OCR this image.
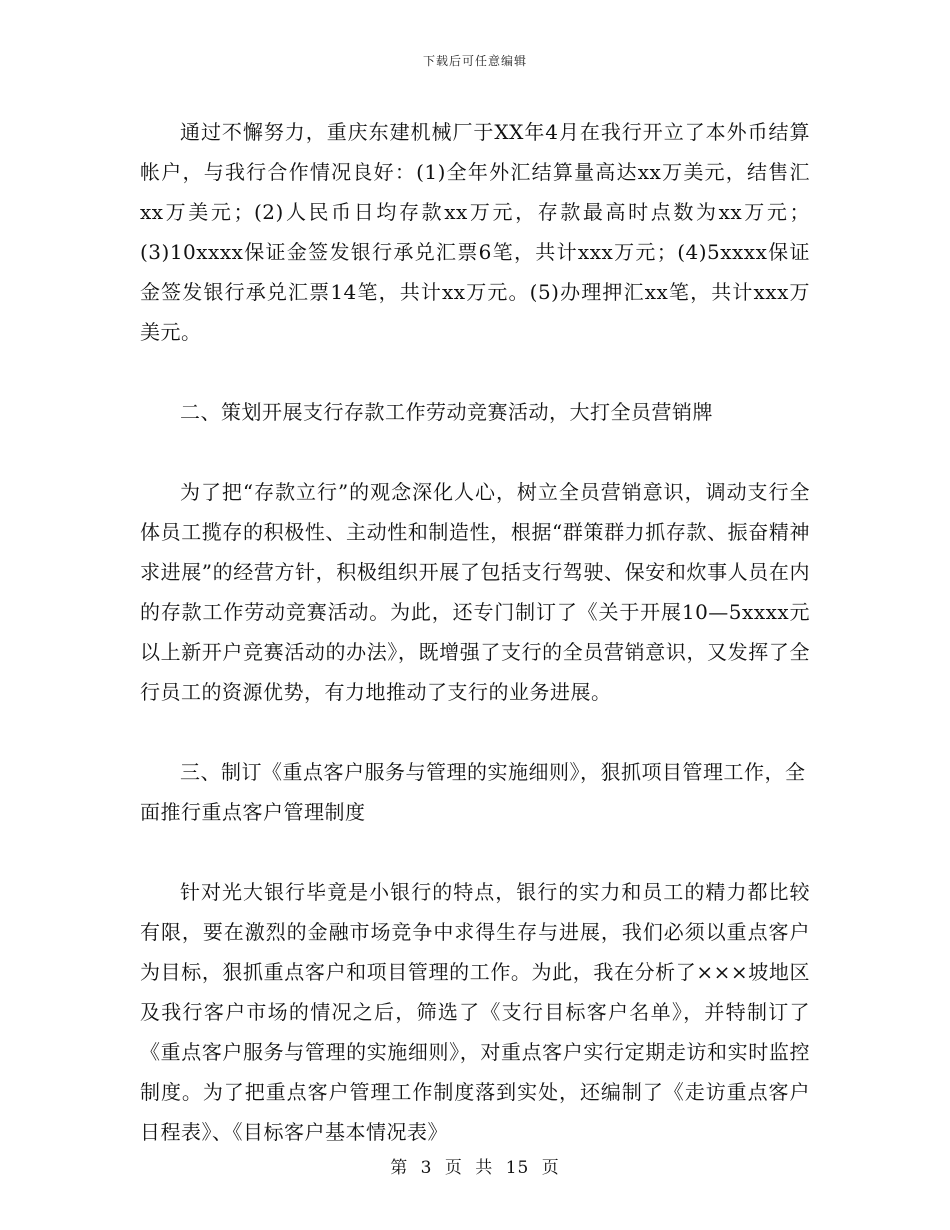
下载后可任意编辑

通过不懈努力，重庆东建机械厂于XX年4月在我行开立了本外币结算帐户，与我行合作情况良好：(1)全年外汇结算量高达xx万美元，结售汇xx万美元；(2)人民币日均存款xx万元，存款最高时点数为xx万元；(3)10xxxx保证金签发银行承兑汇票6笔，共计xxx万元；(4)5xxxx保证金签发银行承兑汇票14笔，共计xx万元。(5)办理押汇xx笔，共计xxx万美元。

二、策划开展支行存款工作劳动竞赛活动，大打全员营销牌

为了把“存款立行”的观念深化人心，树立全员营销意识，调动支行全体员工揽存的积极性、主动性和制造性，根据“群策群力抓存款、振奋精神求进展”的经营方针，积极组织开展了包括支行驾驶、保安和炊事人员在内的存款工作劳动竞赛活动。为此，还专门制订了《关于开展10—5xxxx元以上新开户竞赛活动的办法》，既增强了支行的全员营销意识，又发挥了全行员工的资源优势，有力地推动了支行的业务进展。

三、制订《重点客户服务与管理的实施细则》，狠抓项目管理工作，全面推行重点客户管理制度

针对光大银行毕竟是小银行的特点，银行的实力和员工的精力都比较有限，要在激烈的金融市场竞争中求得生存与进展，我们必须以重点客户为目标，狠抓重点客户和项目管理的工作。为此，我在分析了×××坡地区及我行客户市场的情况之后，筛选了《支行目标客户名单》，并特制订了《重点客户服务与管理的实施细则》，对重点客户实行定期走访和实时监控制度。为了把重点客户管理工作制度落到实处，还编制了《走访重点客户日程表》、《目标客户基本情况表》

第 3 页 共 15 页
